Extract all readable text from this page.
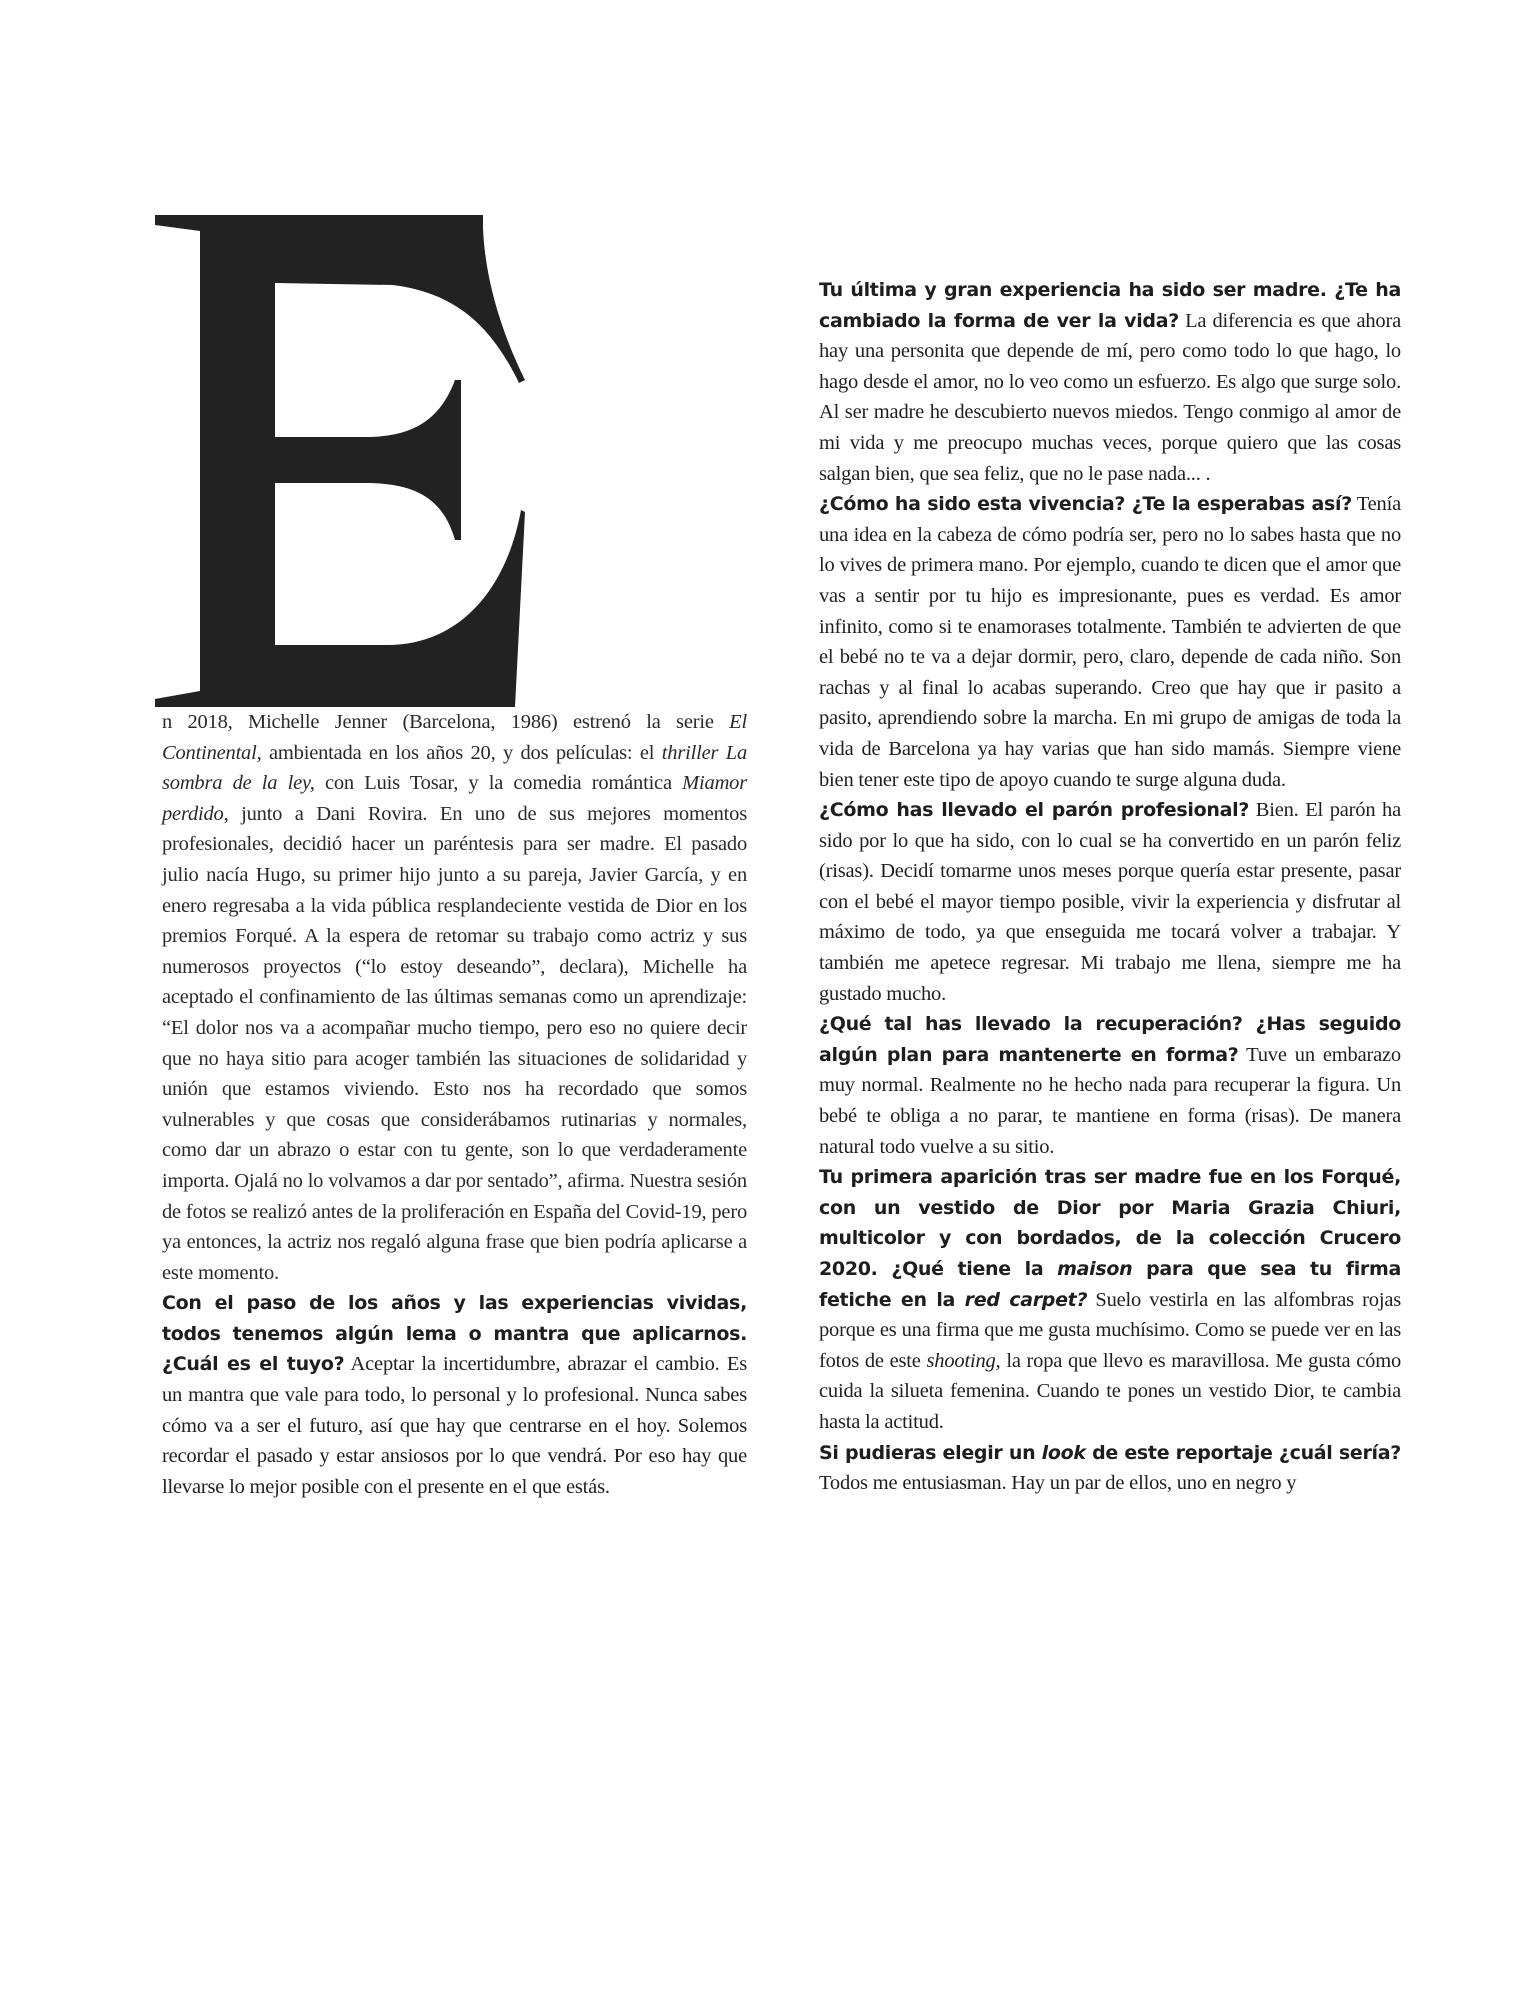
n 2018, Michelle Jenner (Barcelona, 1986) estrenó la serie El Continental, ambientada en los años 20, y dos películas: el thriller La sombra de la ley, con Luis Tosar, y la comedia romántica Miamor perdido, junto a Dani Rovira. En uno de sus mejores momentos profesionales, decidió hacer un paréntesis para ser madre. El pasado julio nacía Hugo, su primer hijo junto a su pareja, Javier García, y en enero regresaba a la vida pública resplandeciente vestida de Dior en los premios Forqué. A la espera de retomar su trabajo como actriz y sus numerosos proyectos (“lo estoy deseando”, declara), Michelle ha aceptado el confinamiento de las últimas semanas como un aprendizaje: “El dolor nos va a acompañar mucho tiempo, pero eso no quiere decir que no haya sitio para acoger también las situaciones de solidaridad y unión que estamos viviendo. Esto nos ha recordado que somos vulnerables y que cosas que considerábamos rutinarias y normales, como dar un abrazo o estar con tu gente, son lo que verdaderamente importa. Ojalá no lo volvamos a dar por sentado”, afirma. Nuestra sesión de fotos se realizó antes de la proliferación en España del Covid-19, pero ya entonces, la actriz nos regaló alguna frase que bien podría aplicarse a este momento.

Con el paso de los años y las experiencias vividas, todos tenemos algún lema o mantra que aplicarnos. ¿Cuál es el tuyo? Aceptar la incertidumbre, abrazar el cambio. Es un mantra que vale para todo, lo personal y lo profesional. Nunca sabes cómo va a ser el futuro, así que hay que centrarse en el hoy. Solemos recordar el pasado y estar ansiosos por lo que vendrá. Por eso hay que llevarse lo mejor posible con el presente en el que estás.

Tu última y gran experiencia ha sido ser madre. ¿Te ha cambiado la forma de ver la vida? La diferencia es que ahora hay una personita que depende de mí, pero como todo lo que hago, lo hago desde el amor, no lo veo como un esfuerzo. Es algo que surge solo. Al ser madre he descubierto nuevos miedos. Tengo conmigo al amor de mi vida y me preocupo muchas veces, porque quiero que las cosas salgan bien, que sea feliz, que no le pase nada... .

¿Cómo ha sido esta vivencia? ¿Te la esperabas así? Tenía una idea en la cabeza de cómo podría ser, pero no lo sabes hasta que no lo vives de primera mano. Por ejemplo, cuando te dicen que el amor que vas a sentir por tu hijo es impresionante, pues es verdad. Es amor infinito, como si te enamorases totalmente. También te advierten de que el bebé no te va a dejar dormir, pero, claro, depende de cada niño. Son rachas y al final lo acabas superando. Creo que hay que ir pasito a pasito, aprendiendo sobre la marcha. En mi grupo de amigas de toda la vida de Barcelona ya hay varias que han sido mamás. Siempre viene bien tener este tipo de apoyo cuando te surge alguna duda.

¿Cómo has llevado el parón profesional? Bien. El parón ha sido por lo que ha sido, con lo cual se ha convertido en un parón feliz (risas). Decidí tomarme unos meses porque quería estar presente, pasar con el bebé el mayor tiempo posible, vivir la experiencia y disfrutar al máximo de todo, ya que enseguida me tocará volver a trabajar. Y también me apetece regresar. Mi trabajo me llena, siempre me ha gustado mucho.

¿Qué tal has llevado la recuperación? ¿Has seguido algún plan para mantenerte en forma? Tuve un embarazo muy normal. Realmente no he hecho nada para recuperar la figura. Un bebé te obliga a no parar, te mantiene en forma (risas). De manera natural todo vuelve a su sitio.

Tu primera aparición tras ser madre fue en los Forqué, con un vestido de Dior por Maria Grazia Chiuri, multicolor y con bordados, de la colección Crucero 2020. ¿Qué tiene la maison para que sea tu firma fetiche en la red carpet? Suelo vestirla en las alfombras rojas porque es una firma que me gusta muchísimo. Como se puede ver en las fotos de este shooting, la ropa que llevo es maravillosa. Me gusta cómo cuida la silueta femenina. Cuando te pones un vestido Dior, te cambia hasta la actitud.

Si pudieras elegir un look de este reportaje ¿cuál sería? Todos me entusiasman. Hay un par de ellos, uno en negro y
